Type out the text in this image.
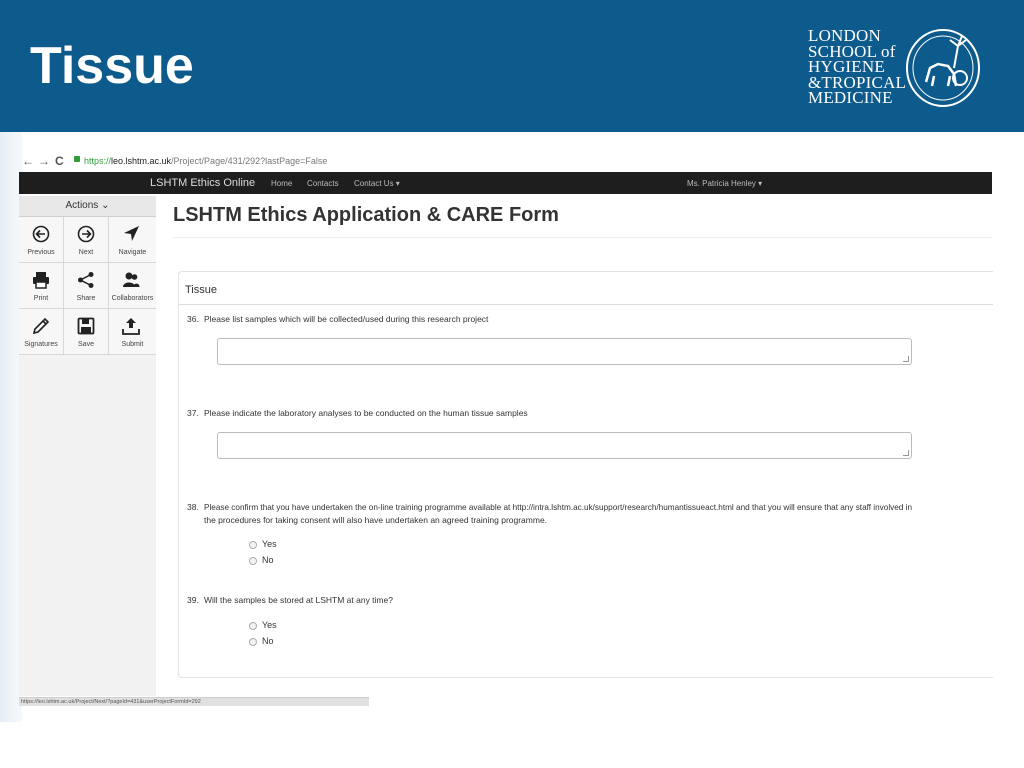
Tissue
LONDON
SCHOOL of
HYGIENE
&TROPICAL
MEDICINE
← → C https://leo.lshtm.ac.uk/Project/Page/431/292?lastPage=False
LSHTM Ethics Online Home Contacts Contact Us ▾	Ms. Patricia Henley ▾
Actions ⌄
Previous	Next	Navigate
Print	Share	Collaborators
Signatures	Save	Submit
LSHTM Ethics Application & CARE Form
Tissue
36. Please list samples which will be collected/used during this research project
37. Please indicate the laboratory analyses to be conducted on the human tissue samples
38. Please confirm that you have undertaken the on-line training programme available at http://intra.lshtm.ac.uk/support/research/humantissueact.html and that you will ensure that any staff involved in
the procedures for taking consent will also have undertaken an agreed training programme.
Yes
No
39. Will the samples be stored at LSHTM at any time?
Yes
No
https://leo.lshtm.ac.uk/Project/Next/?pageId=431&userProjectFormId=292
